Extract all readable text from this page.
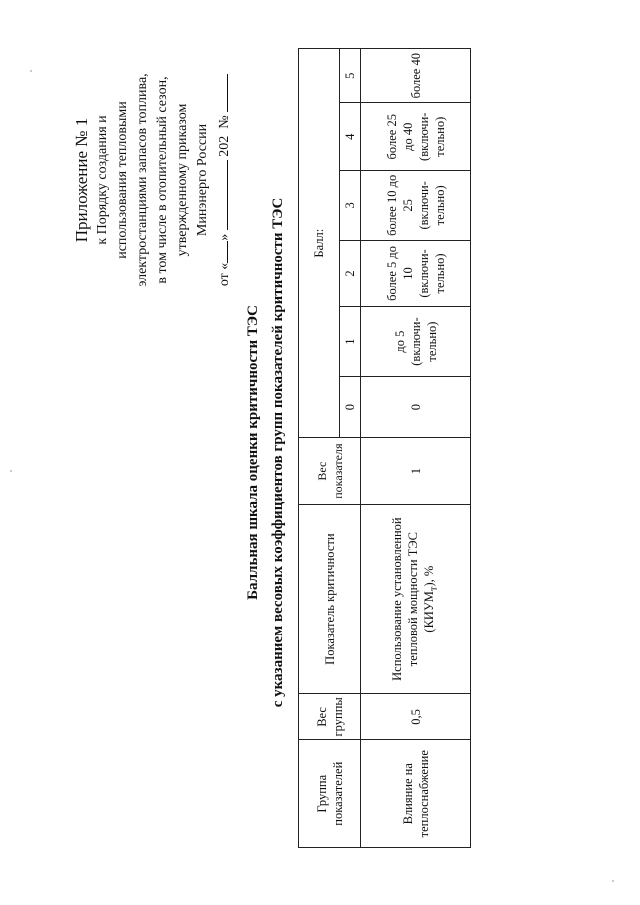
Приложение № 1 к Порядку создания и использования тепловыми электростанциями запасов топлива, в том числе в отопительный сезон, утвержденному приказом Минэнерго России
от «»  202  №
Балльная шкала оценки критичности ТЭС с указанием весовых коэффициентов групп показателей критичности ТЭС
Группа показателей	Вес группы	Показатель критичности	Вес показателя	Балл:					
				0	1	2	3	4	5
Влияние на теплоснабжение	0,5	Использование установленной тепловой мощности ТЭС $(КИУМ_т)$, %	1	0	до 5 (включи-тельно)	более 5 до 10 (включи-тельно)	более 10 до 25 (включи-тельно)	более 25 до 40 (включи-тельно)	более 40
